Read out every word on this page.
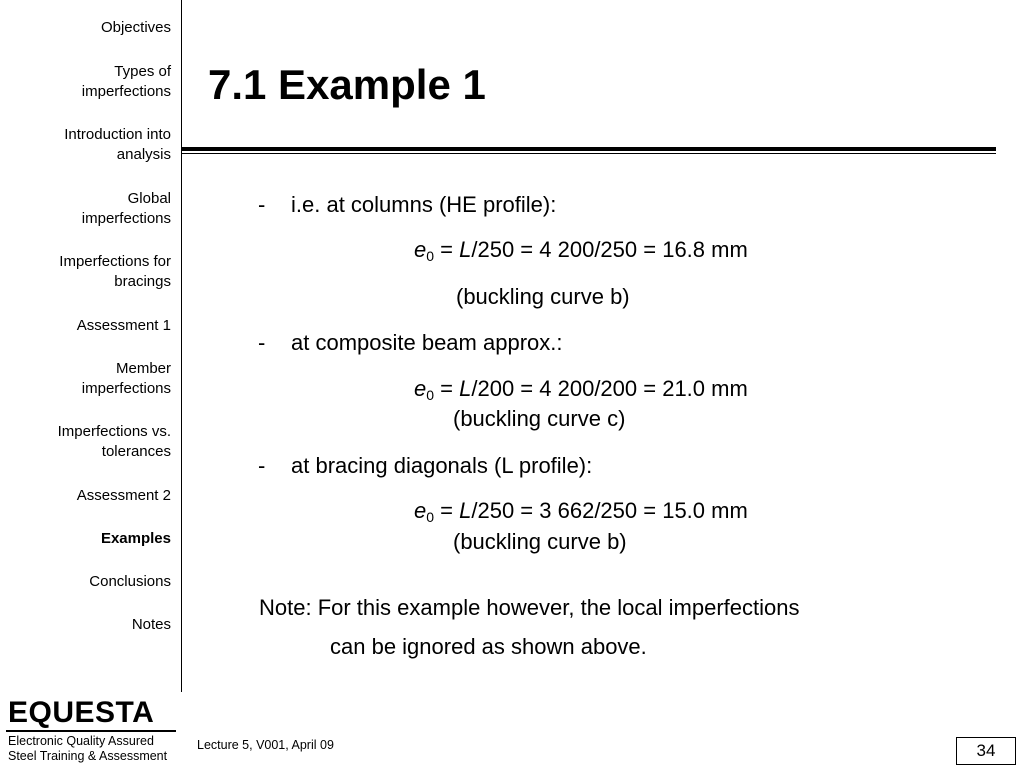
Objectives
Types of
imperfections
Introduction into
analysis
Global
imperfections
Imperfections for
bracings
Assessment 1
Member
imperfections
Imperfections vs.
tolerances
Assessment 2
Examples
Conclusions
Notes
7.1 Example 1
- i.e. at columns (HE profile):
$e_0 = L/250 = 4$ 200/250 = 16.8 mm
(buckling curve b)
- at composite beam approx.:
$e_0 = L/200 = 4$ 200/200 = 21.0 mm
(buckling curve c)
- at bracing diagonals (L profile):
$e_0 = L/250 = 3$ 662/250 = 15.0 mm
(buckling curve b)
Note: For this example however, the local imperfections
can be ignored as shown above.
EQUESTA
Electronic Quality Assured
Steel Training & Assessment
Lecture 5, V001, April 09	34
